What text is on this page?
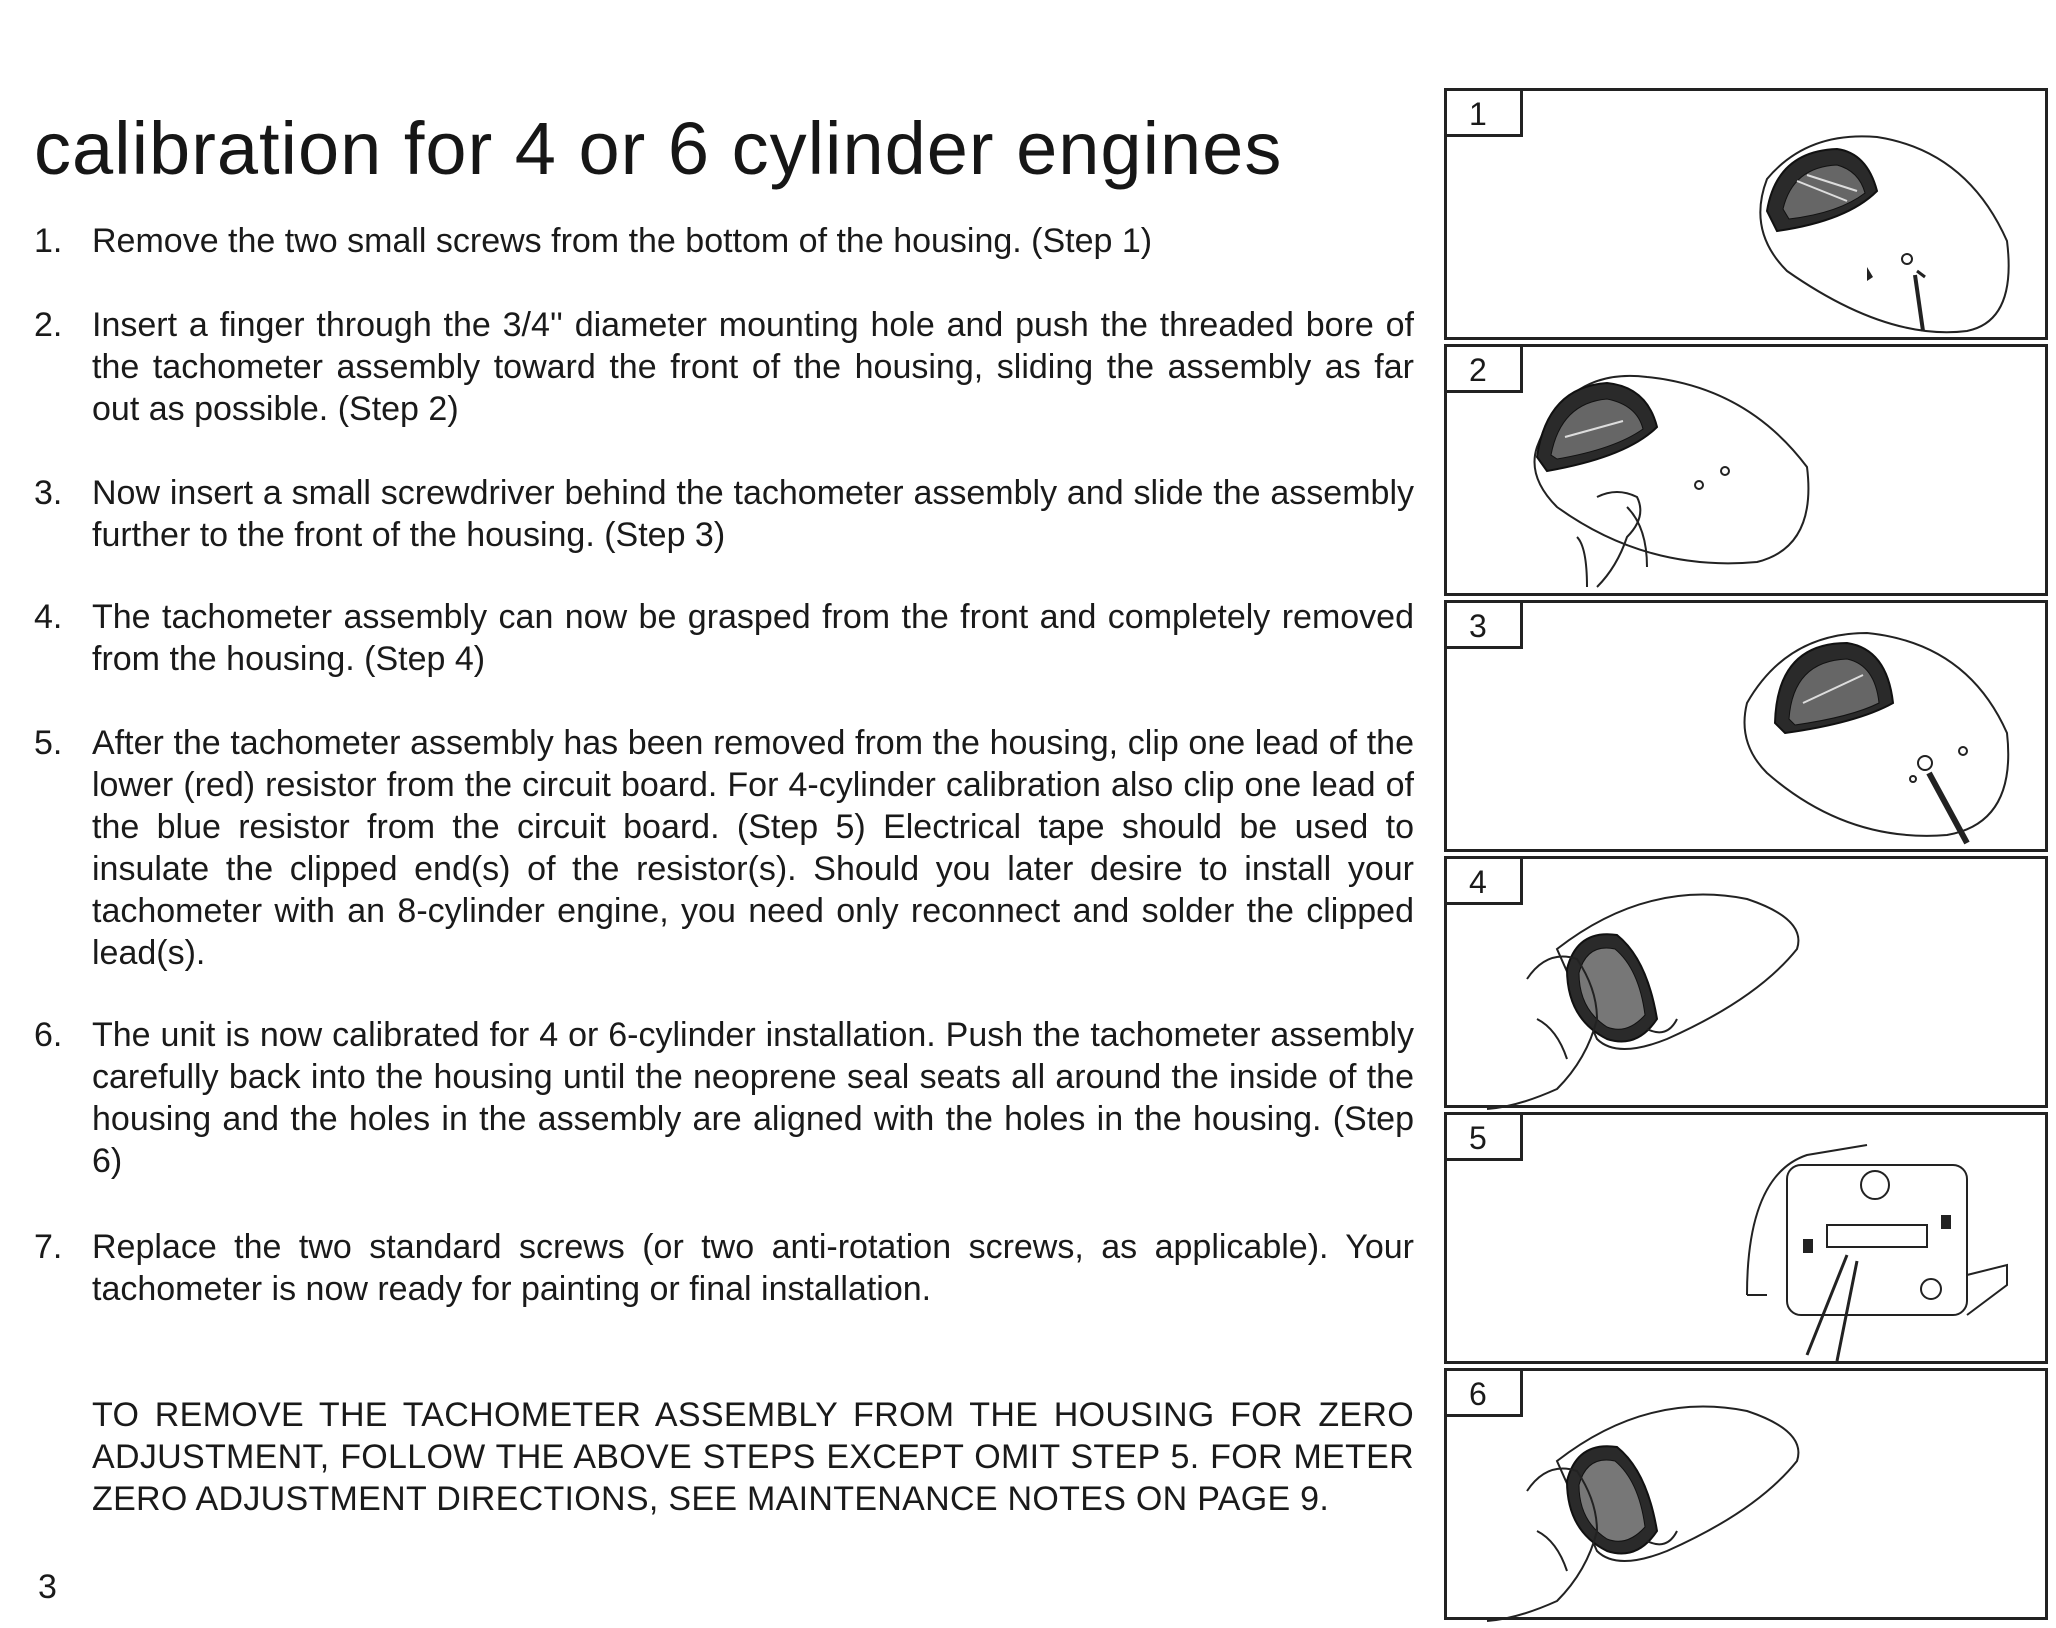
calibration for 4 or 6 cylinder engines
1. Remove the two small screws from the bottom of the housing. (Step 1)

2. Insert a finger through the 3/4'' diameter mounting hole and push the threaded bore of the tachometer assembly toward the front of the housing, sliding the assembly as far out as possible. (Step 2)

3. Now insert a small screwdriver behind the tachometer assembly and slide the assembly further to the front of the housing. (Step 3)

4. The tachometer assembly can now be grasped from the front and completely removed from the housing. (Step 4)

5. After the tachometer assembly has been removed from the housing, clip one lead of the lower (red) resistor from the circuit board. For 4-cylinder calibration also clip one lead of the blue resistor from the circuit board. (Step 5) Electrical tape should be used to insulate the clipped end(s) of the resistor(s). Should you later desire to install your tachometer with an 8-cylinder engine, you need only reconnect and solder the clipped lead(s).

6. The unit is now calibrated for 4 or 6-cylinder installation. Push the tachometer assembly carefully back into the housing until the neoprene seal seats all around the inside of the housing and the holes in the assembly are aligned with the holes in the housing. (Step 6)

7. Replace the two standard screws (or two anti-rotation screws, as applicable). Your tachometer is now ready for painting or final installation.

TO REMOVE THE TACHOMETER ASSEMBLY FROM THE HOUSING FOR ZERO ADJUSTMENT, FOLLOW THE ABOVE STEPS EXCEPT OMIT STEP 5. FOR METER ZERO ADJUSTMENT DIRECTIONS, SEE MAINTENANCE NOTES ON PAGE 9.

3
1
2
3
4
5
6
